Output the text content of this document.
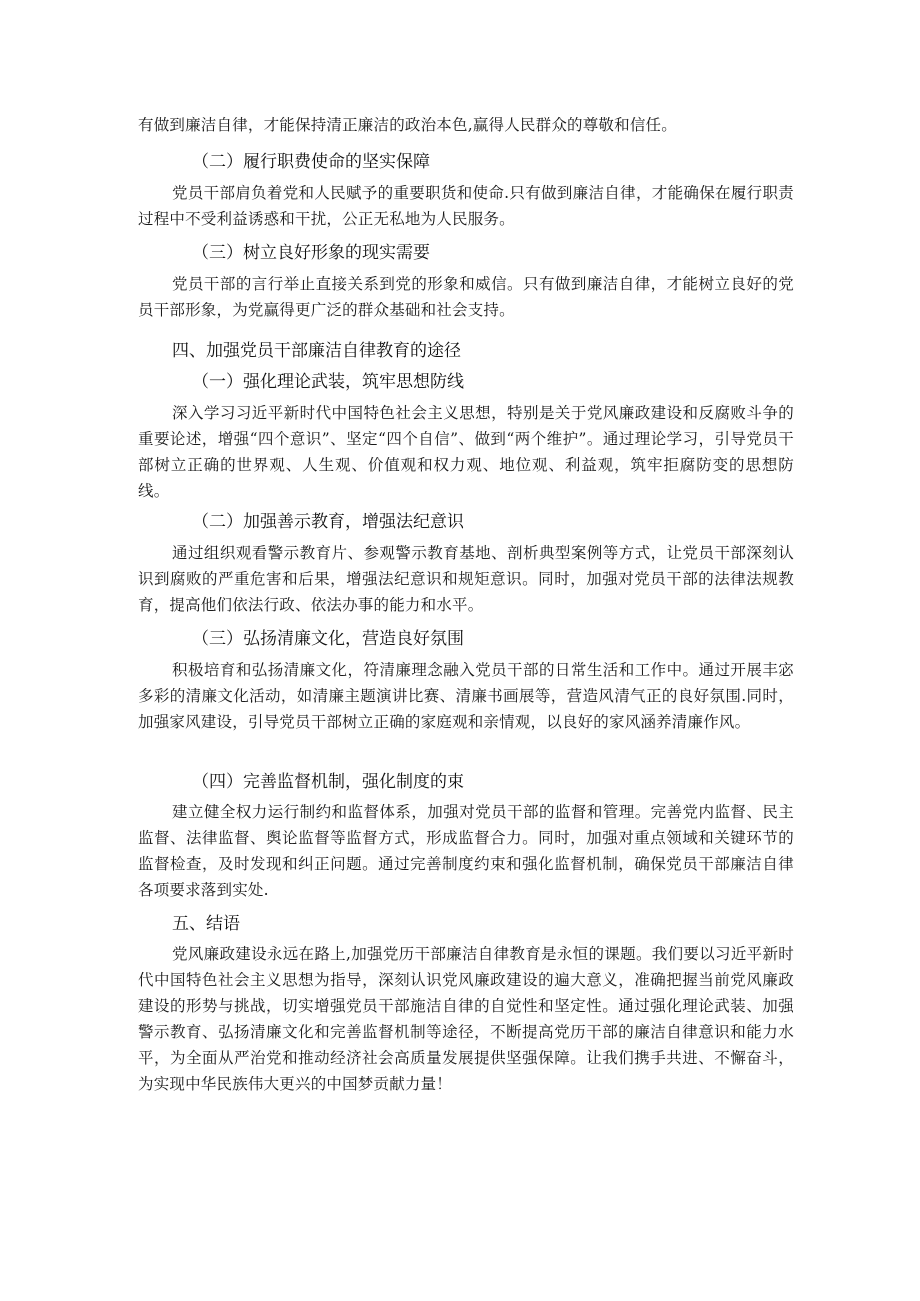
有做到廉洁自律，才能保持清正廉洁的政治本色,赢得人民群众的尊敬和信任。

（二）履行职费使命的坚实保障

党员干部肩负着党和人民赋予的重要职货和使命.只有做到廉洁自律，才能确保在履行职责过程中不受利益诱惑和干扰，公正无私地为人民服务。

（三）树立良好形象的现实需要

党员干部的言行举止直接关系到党的形象和威信。只有做到廉洁自律，才能树立良好的党员干部形象，为党赢得更广泛的群众基础和社会支持。

四、加强党员干部廉洁自律教育的途径
（一）强化理论武装，筑牢思想防线

深入学习习近平新时代中国特色社会主义思想，特别是关于党风廉政建设和反腐败斗争的重要论述，增强“四个意识”、坚定“四个自信”、做到“两个维护”。通过理论学习，引导党员干部树立正确的世界观、人生观、价值观和权力观、地位观、利益观，筑牢拒腐防变的思想防线。

（二）加强善示教育，增强法纪意识

通过组织观看警示教育片、参观警示教育基地、剖析典型案例等方式，让党员干部深刻认识到腐败的严重危害和后果，增强法纪意识和规矩意识。同时，加强对党员干部的法律法规教育，提高他们依法行政、依法办事的能力和水平。

（三）弘扬清廉文化，营造良好氛围

积极培育和弘扬清廉文化，符清廉理念融入党员干部的日常生活和工作中。通过开展丰宓多彩的清廉文化活动，如清廉主题演讲比赛、清廉书画展等，营造风清气正的良好氛围.同时，加强家风建设，引导党员干部树立正确的家庭观和亲情观，以良好的家风涵养清廉作风。

（四）完善监督机制，强化制度的束

建立健全权力运行制约和监督体系，加强对党员干部的监督和管理。完善党内监督、民主监督、法律监督、舆论监督等监督方式，形成监督合力。同时，加强对重点领域和关键环节的监督检查，及时发现和纠正问题。通过完善制度约束和强化监督机制，确保党员干部廉洁自律各项要求落到实处.

五、结语

党风廉政建设永远在路上,加强党历干部廉洁自律教育是永恒的课题。我们要以习近平新时代中国特色社会主义思想为指导，深刻认识党风廉政建设的遍大意义，准确把握当前党风廉政建设的形势与挑战，切实增强党员干部施洁自律的自觉性和坚定性。通过强化理论武装、加强警示教育、弘扬清廉文化和完善监督机制等途径，不断提高党历干部的廉洁自律意识和能力水平，为全面从严治党和推动经济社会高质量发展提供坚强保障。让我们携手共进、不懈奋斗，为实现中华民族伟大更兴的中国梦贡献力量！
